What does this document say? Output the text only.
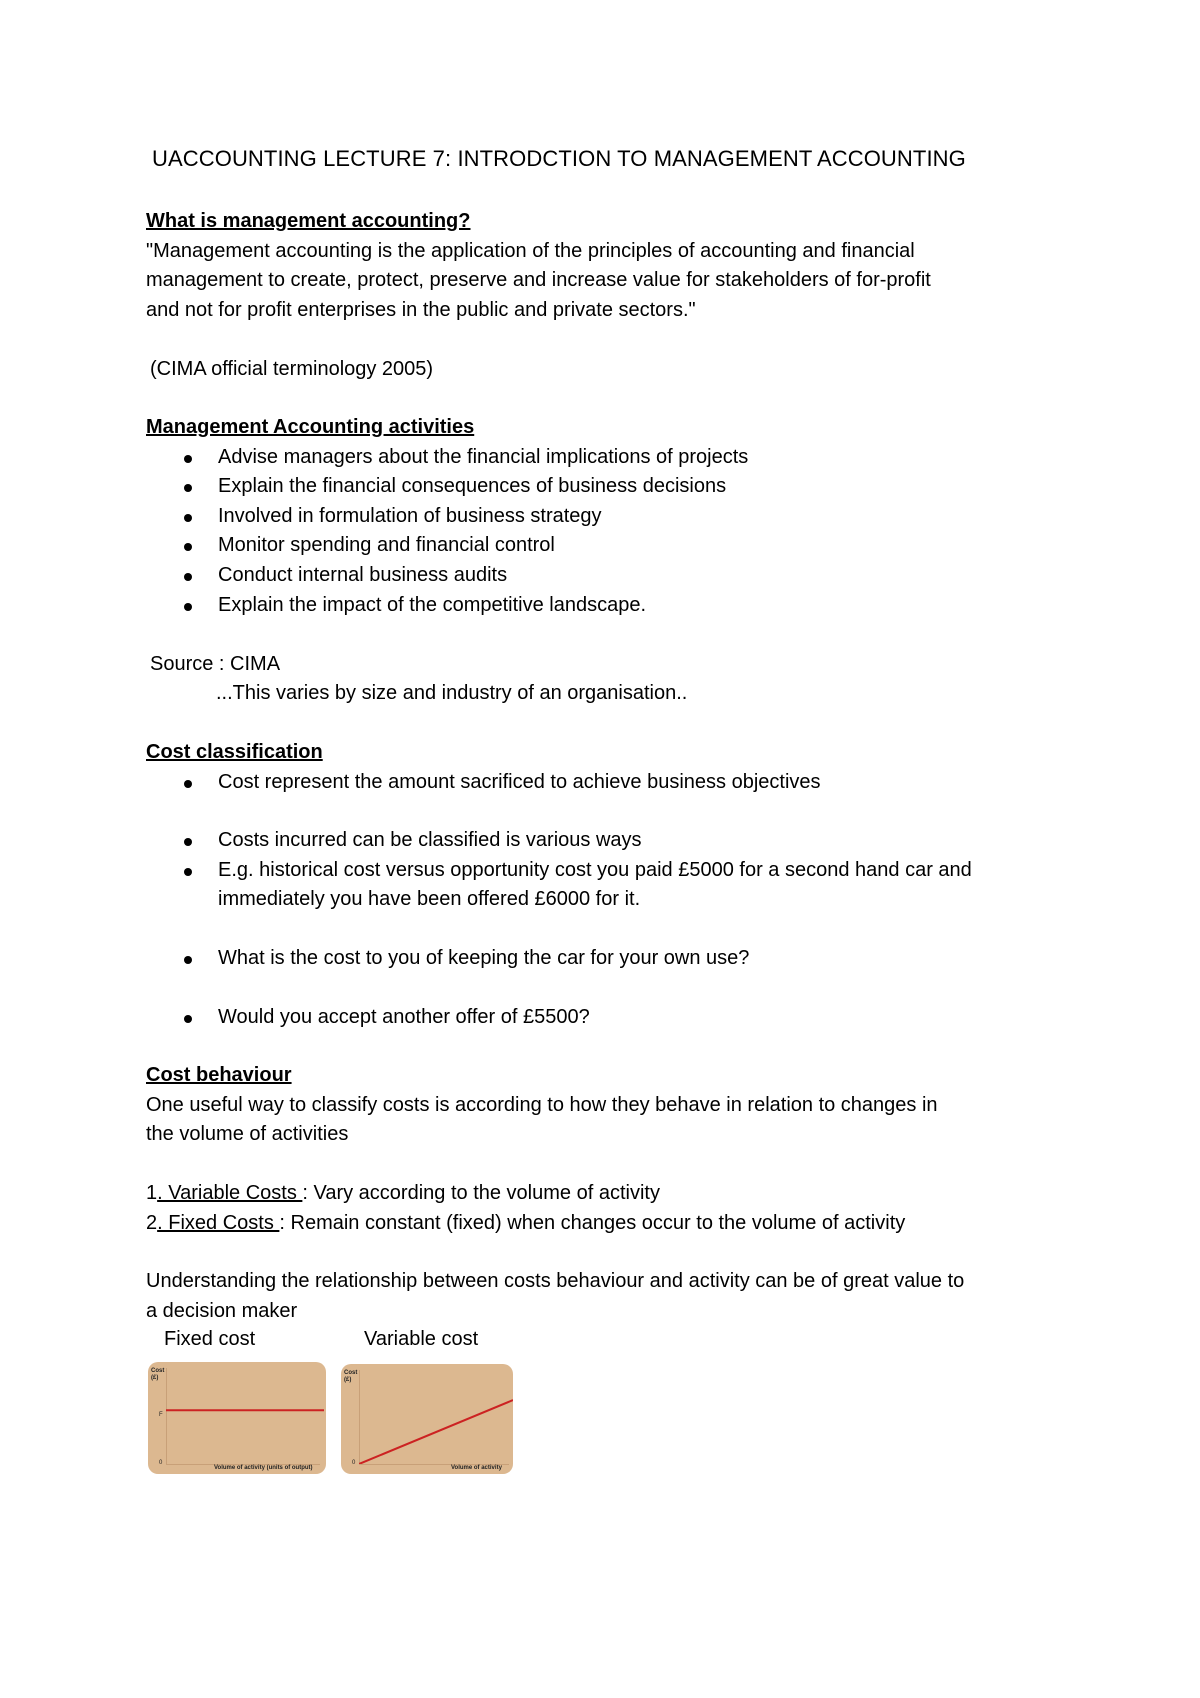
UACCOUNTING LECTURE 7: INTRODCTION TO MANAGEMENT ACCOUNTING
What is management accounting?
"Management accounting is the application of the principles of accounting and financial
management to create, protect, preserve and increase value for stakeholders of for-profit
and not for profit enterprises in the public and private sectors."
(CIMA official terminology 2005)
Management Accounting activities
Advise managers about the financial implications of projects
Explain the financial consequences of business decisions
Involved in formulation of business strategy
Monitor spending and financial control
Conduct internal business audits
Explain the impact of the competitive landscape.
Source : CIMA
...This varies by size and industry of an organisation..
Cost classification
Cost represent the amount sacrificed to achieve business objectives
Costs incurred can be classified is various ways
E.g. historical cost versus opportunity cost you paid £5000 for a second hand car and
immediately you have been offered £6000 for it.
What is the cost to you of keeping the car for your own use?
Would you accept another offer of £5500?
Cost behaviour
One useful way to classify costs is according to how they behave in relation to changes in
the volume of activities
1. Variable Costs : Vary according to the volume of activity
2. Fixed Costs : Remain constant (fixed) when changes occur to the volume of activity
Understanding the relationship between costs behaviour and activity can be of great value to
a decision maker
Fixed cost	Variable cost
Cost
(£)
F
0
Volume of activity (units of output)
Cost
(£)
0
Volume of activity
